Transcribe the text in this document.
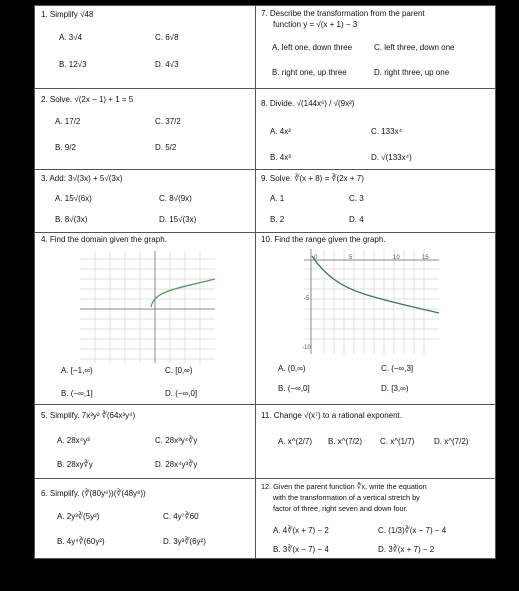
1. Simplify √48
A. 3√4	C. 6√8
B. 12√3	D. 4√3
7. Describe the transformation from the parent
function y = √(x + 1) − 3
A. left one, down three	C. left three, down one
B. right one, up three	D. right three, up one
2. Solve. √(2x − 1) + 1 = 5
A. 17/2	C. 37/2
B. 9/2	D. 5/2
8. Divide. √(144x⁶) / √(9x²)
A. 4x²	C. 133x⁴
B. 4x³	D. √(133x⁴)
3. Add: 3√(3x) + 5√(3x)
A. 15√(6x)	C. 8√(9x)
B. 8√(3x)	D. 15√(3x)
9. Solve. ∛(x + 8) = ∛(2x + 7)
A. 1	C. 3
B. 2	D. 4
4. Find the domain given the graph.
A. [−1,∞)	C. [0,∞)
B. (−∞,1]	D. (−∞,0]
10. Find the range given the graph.
0	5	10	15
-5
-10
A. (0,∞)	C. (−∞,3]
B. (−∞,0]	D. [3,∞)
5. Simplify. 7x³y² ∛(64x³y⁴)
A. 28x⁴y³	C. 28x³y⁴∛y
B. 28xy∛y	D. 28x⁴y³∛y
11. Change √(x⁷) to a rational exponent.
A. x^(2/7) B. x^(7/2) C. x^(1/7) D. x^(7/2)
6. Simplify. (∛(80y⁶))(∛(48y⁸))
A. 2y³∛(5y²)	C. 4y⁷∛60
B. 4y⁴∛(60y²)	D. 3y³∛(6y²)
12. Given the parent function ∛x, write the equation
with the transformation of a vertical stretch by
factor of three, right seven and down four.
A. 4∛(x + 7) − 2	C. (1/3)∛(x − 7) − 4
B. 3∛(x − 7) − 4	D. 3∛(x + 7) − 2
